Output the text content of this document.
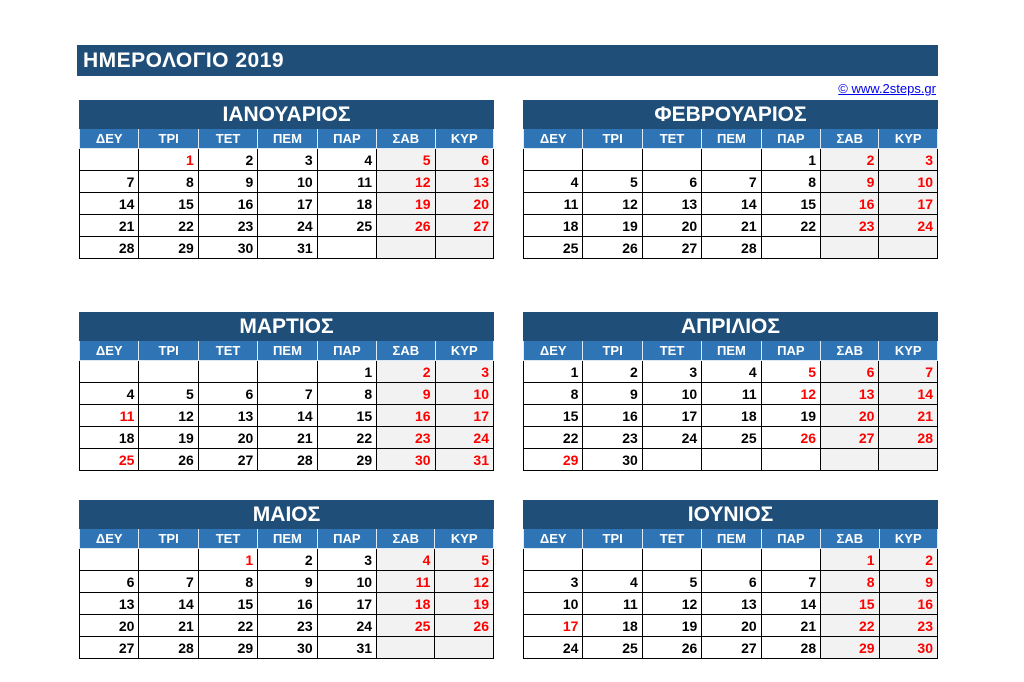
ΗΜΕΡΟΛΟΓΙΟ 2019
© www.2steps.gr
ΙΑΝΟΥΑΡΙΟΣ						
ΔΕΥ	ΤΡΙ	ΤΕΤ	ΠΕΜ	ΠΑΡ	ΣΑΒ	ΚΥΡ
	1	2	3	4	5	6
7	8	9	10	11	12	13
14	15	16	17	18	19	20
21	22	23	24	25	26	27
28	29	30	31			
ΦΕΒΡΟΥΑΡΙΟΣ						
ΔΕΥ	ΤΡΙ	ΤΕΤ	ΠΕΜ	ΠΑΡ	ΣΑΒ	ΚΥΡ
				1	2	3
4	5	6	7	8	9	10
11	12	13	14	15	16	17
18	19	20	21	22	23	24
25	26	27	28			
ΜΑΡΤΙΟΣ						
ΔΕΥ	ΤΡΙ	ΤΕΤ	ΠΕΜ	ΠΑΡ	ΣΑΒ	ΚΥΡ
				1	2	3
4	5	6	7	8	9	10
11	12	13	14	15	16	17
18	19	20	21	22	23	24
25	26	27	28	29	30	31
ΑΠΡΙΛΙΟΣ						
ΔΕΥ	ΤΡΙ	ΤΕΤ	ΠΕΜ	ΠΑΡ	ΣΑΒ	ΚΥΡ
1	2	3	4	5	6	7
8	9	10	11	12	13	14
15	16	17	18	19	20	21
22	23	24	25	26	27	28
29	30					
ΜΑΙΟΣ						
ΔΕΥ	ΤΡΙ	ΤΕΤ	ΠΕΜ	ΠΑΡ	ΣΑΒ	ΚΥΡ
		1	2	3	4	5
6	7	8	9	10	11	12
13	14	15	16	17	18	19
20	21	22	23	24	25	26
27	28	29	30	31		
ΙΟΥΝΙΟΣ						
ΔΕΥ	ΤΡΙ	ΤΕΤ	ΠΕΜ	ΠΑΡ	ΣΑΒ	ΚΥΡ
					1	2
3	4	5	6	7	8	9
10	11	12	13	14	15	16
17	18	19	20	21	22	23
24	25	26	27	28	29	30
